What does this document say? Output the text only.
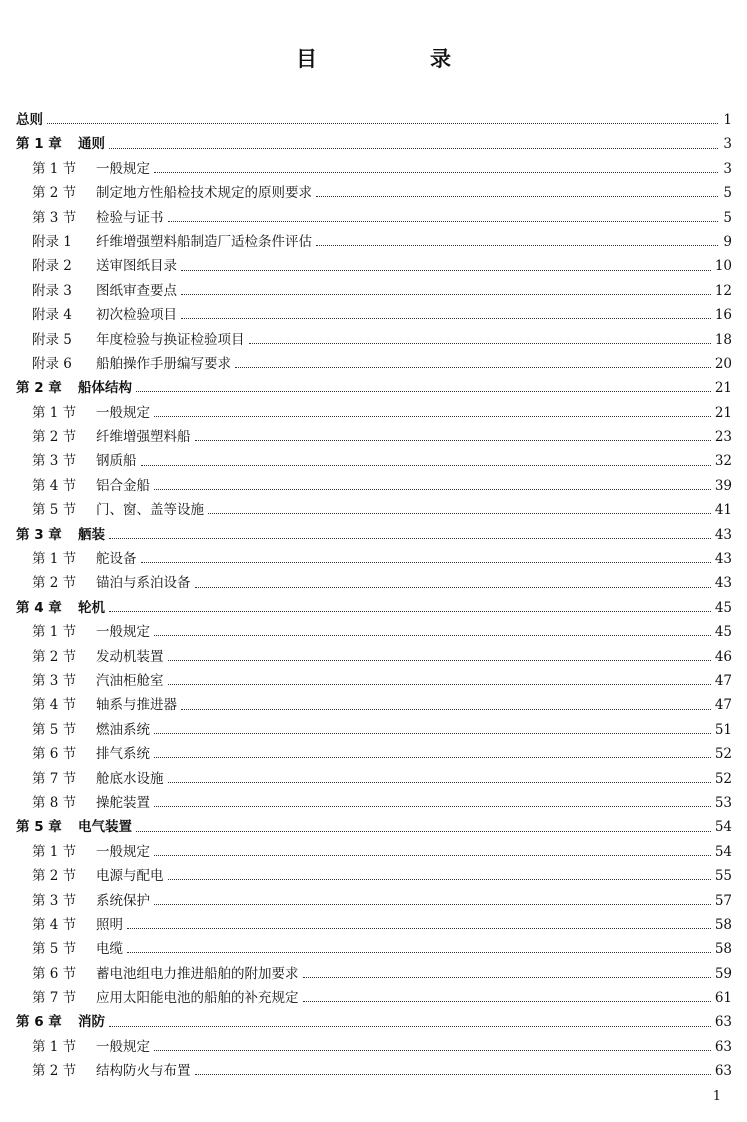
目　录
总则	1
第 1 章	通则	3
第 1 节	一般规定	3
第 2 节	制定地方性船检技术规定的原则要求	5
第 3 节	检验与证书	5
附录 1	纤维增强塑料船制造厂适检条件评估	9
附录 2	送审图纸目录	10
附录 3	图纸审查要点	12
附录 4	初次检验项目	16
附录 5	年度检验与换证检验项目	18
附录 6	船舶操作手册编写要求	20
第 2 章	船体结构	21
第 1 节	一般规定	21
第 2 节	纤维增强塑料船	23
第 3 节	钢质船	32
第 4 节	铝合金船	39
第 5 节	门、窗、盖等设施	41
第 3 章	舾装	43
第 1 节	舵设备	43
第 2 节	锚泊与系泊设备	43
第 4 章	轮机	45
第 1 节	一般规定	45
第 2 节	发动机装置	46
第 3 节	汽油柜舱室	47
第 4 节	轴系与推进器	47
第 5 节	燃油系统	51
第 6 节	排气系统	52
第 7 节	舱底水设施	52
第 8 节	操舵装置	53
第 5 章	电气装置	54
第 1 节	一般规定	54
第 2 节	电源与配电	55
第 3 节	系统保护	57
第 4 节	照明	58
第 5 节	电缆	58
第 6 节	蓄电池组电力推进船舶的附加要求	59
第 7 节	应用太阳能电池的船舶的补充规定	61
第 6 章	消防	63
第 1 节	一般规定	63
第 2 节	结构防火与布置	63
1
